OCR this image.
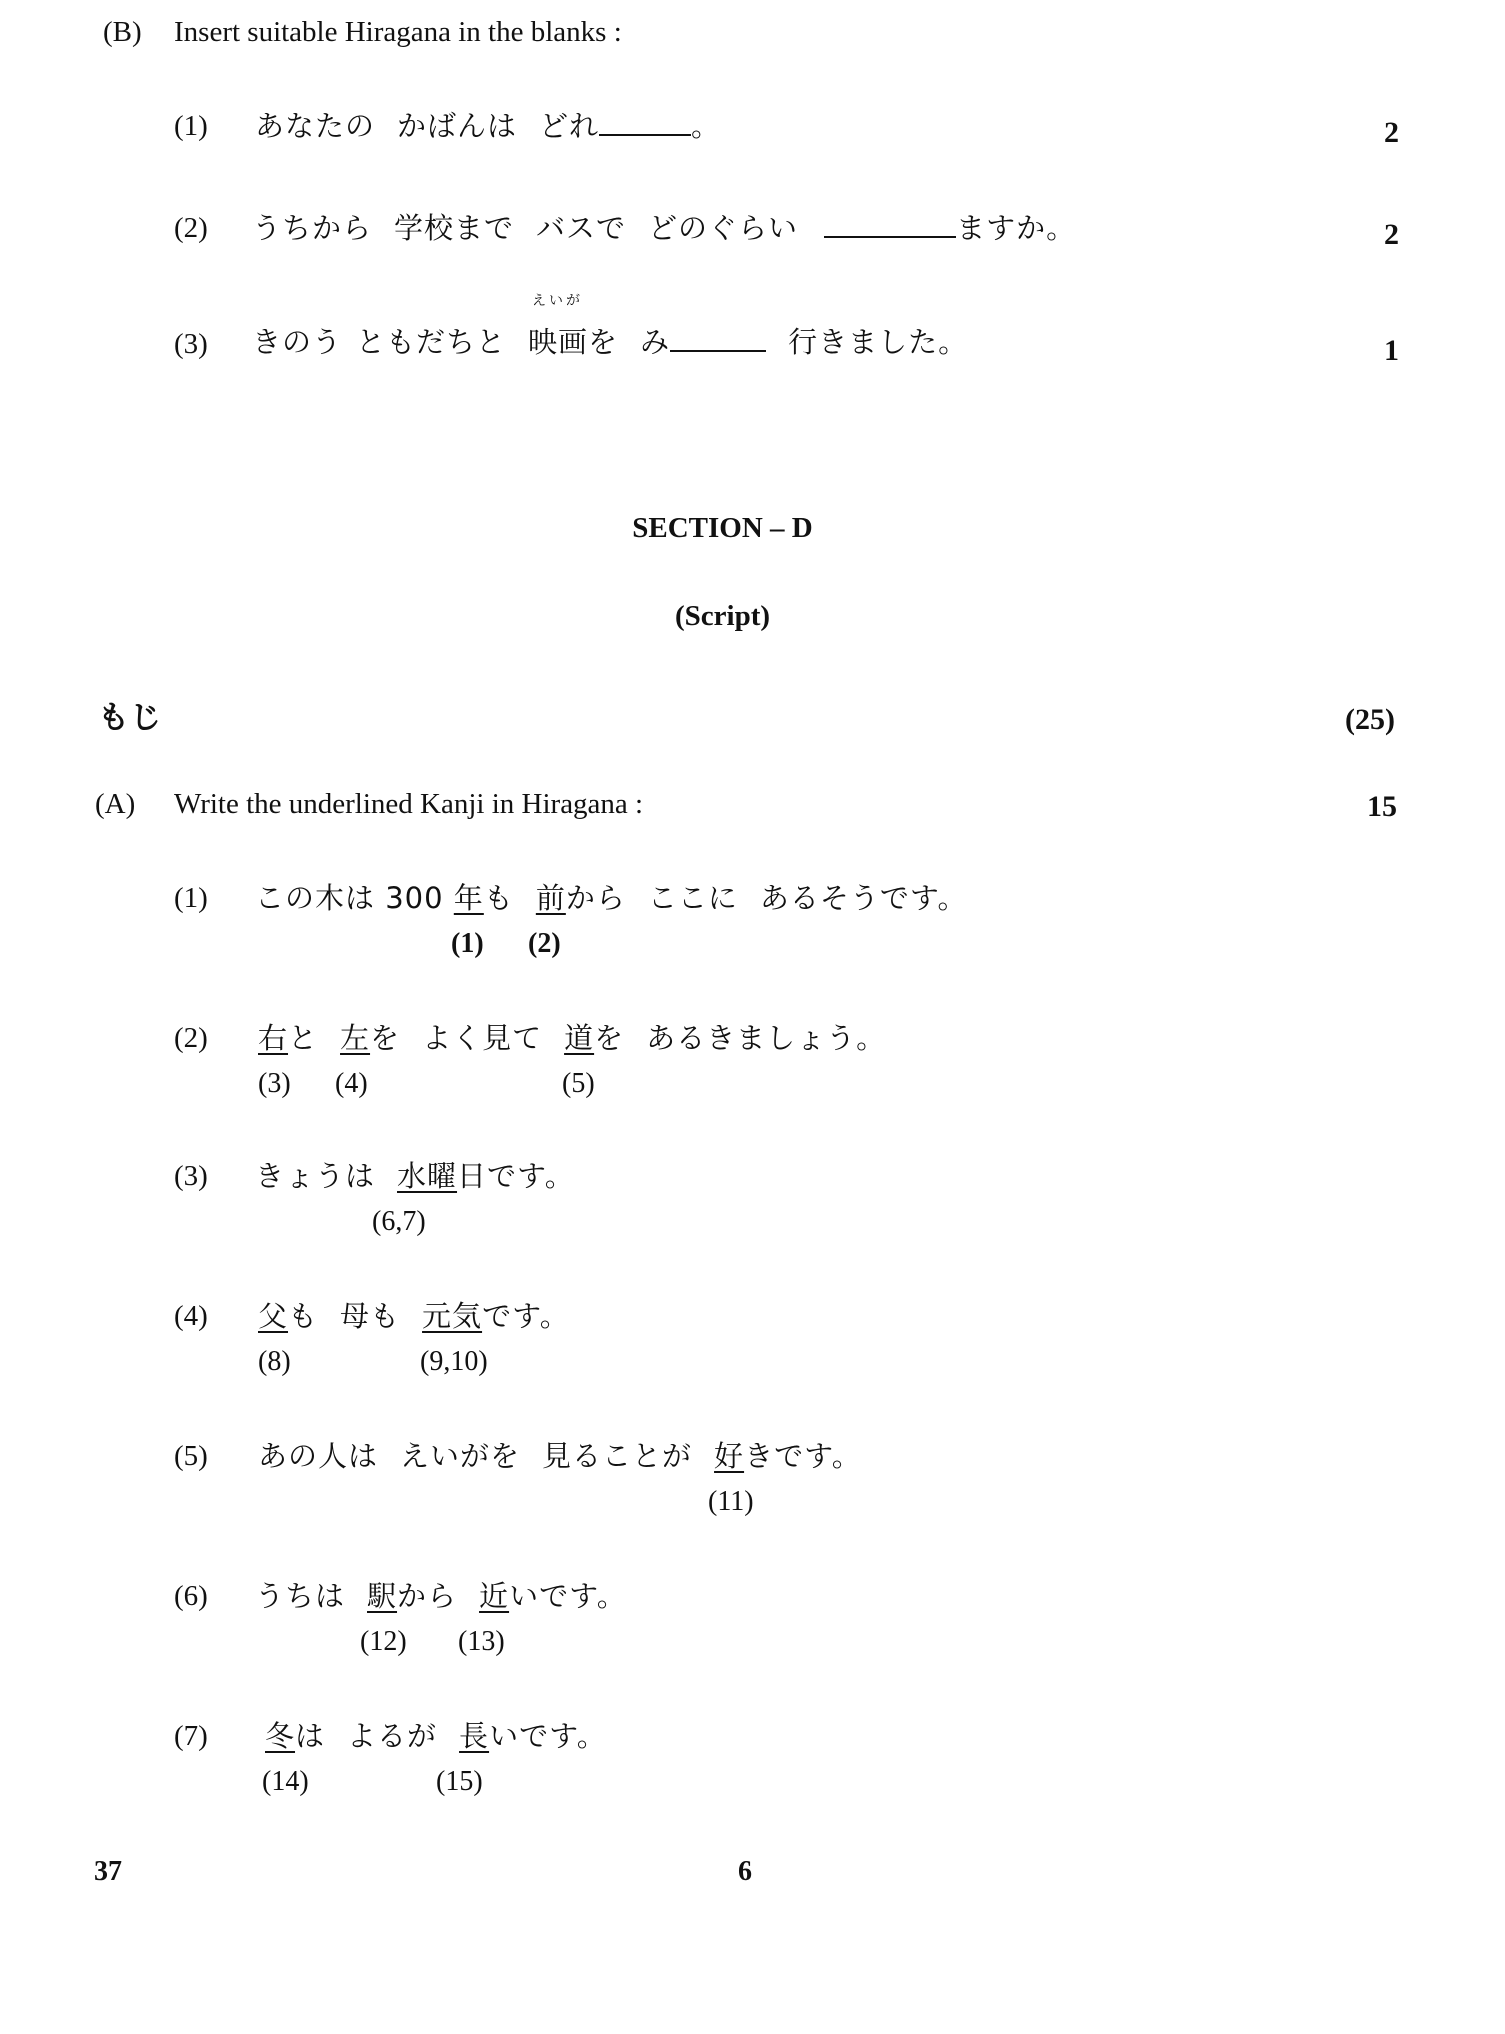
(B) Insert suitable Hiragana in the blanks :
(1) あなたの かばんは どれ	。	2
(2) うちから 学校まで バスで どのぐらい	ますか。	2
(3) きのう ともだちと
えいが
映画を み	行きました。	1
SECTION – D
(Script)
もじ	(25)
(A) Write the underlined Kanji in Hiragana :	15
(1) この木は 300 年も 前から ここに あるそうです。
(1) (2)
(2) 右と 左を よく見て 道を あるきましょう。
(3) (4)	(5)
(3) きょうは 水曜日です。
(6,7)
(4) 父も 母も 元気です。
(8)	(9,10)
(5) あの人は えいがを 見ることが 好きです。
(11)
(6) うちは 駅から 近いです。
(12) (13)
(7) 冬は よるが 長いです。
(14)	(15)
37	6
